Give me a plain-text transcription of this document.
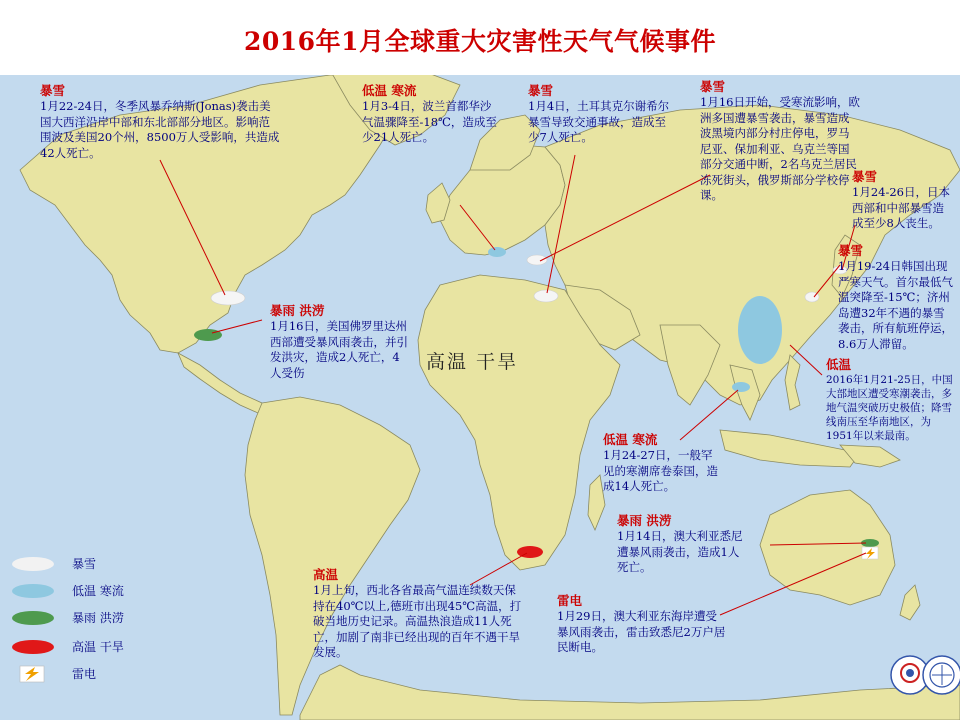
2016年1月全球重大灾害性天气气候事件
暴雪
1月22-24日，冬季风暴乔纳斯(Jonas)袭击美国大西洋沿岸中部和东北部部分地区。影响范围波及美国20个州，8500万人受影响，共造成42人死亡。
低温 寒流
1月3-4日，波兰首都华沙气温骤降至-18℃，造成至少21人死亡。
暴雪
1月4日，土耳其克尔谢希尔暴雪导致交通事故，造成至少7人死亡。
暴雪
1月16日开始，受寒流影响，欧洲多国遭暴雪袭击，暴雪造成波黑境内部分村庄停电，罗马尼亚、保加利亚、乌克兰等国部分交通中断，2名乌克兰居民冻死街头，俄罗斯部分学校停课。
暴雪
1月24-26日，日本西部和中部暴雪造成至少8人丧生。
暴雪
1月19-24日韩国出现严寒天气。首尔最低气温突降至-15℃；济州岛遭32年不遇的暴雪袭击，所有航班停运，8.6万人滞留。
低温
2016年1月21-25日，中国大部地区遭受寒潮袭击，多地气温突破历史极值；降雪线南压至华南地区，为1951年以来最南。
暴雨 洪涝
1月16日，美国佛罗里达州西部遭受暴风雨袭击，并引发洪灾，造成2人死亡，4人受伤
低温 寒流
1月24-27日，一般罕见的寒潮席卷泰国，造成14人死亡。
暴雨 洪涝
1月14日，澳大利亚悉尼遭暴风雨袭击，造成1人死亡。
高温
1月上旬，西北各省最高气温连续数天保持在40℃以上,德班市出现45℃高温，打破当地历史记录。高温热浪造成11人死亡，加剧了南非已经出现的百年不遇干旱发展。
雷电
1月29日，澳大利亚东海岸遭受暴风雨袭击，雷击致悉尼2万户居民断电。
高温 干旱
暴雪
低温 寒流
暴雨 洪涝
高温 干旱
雷电
